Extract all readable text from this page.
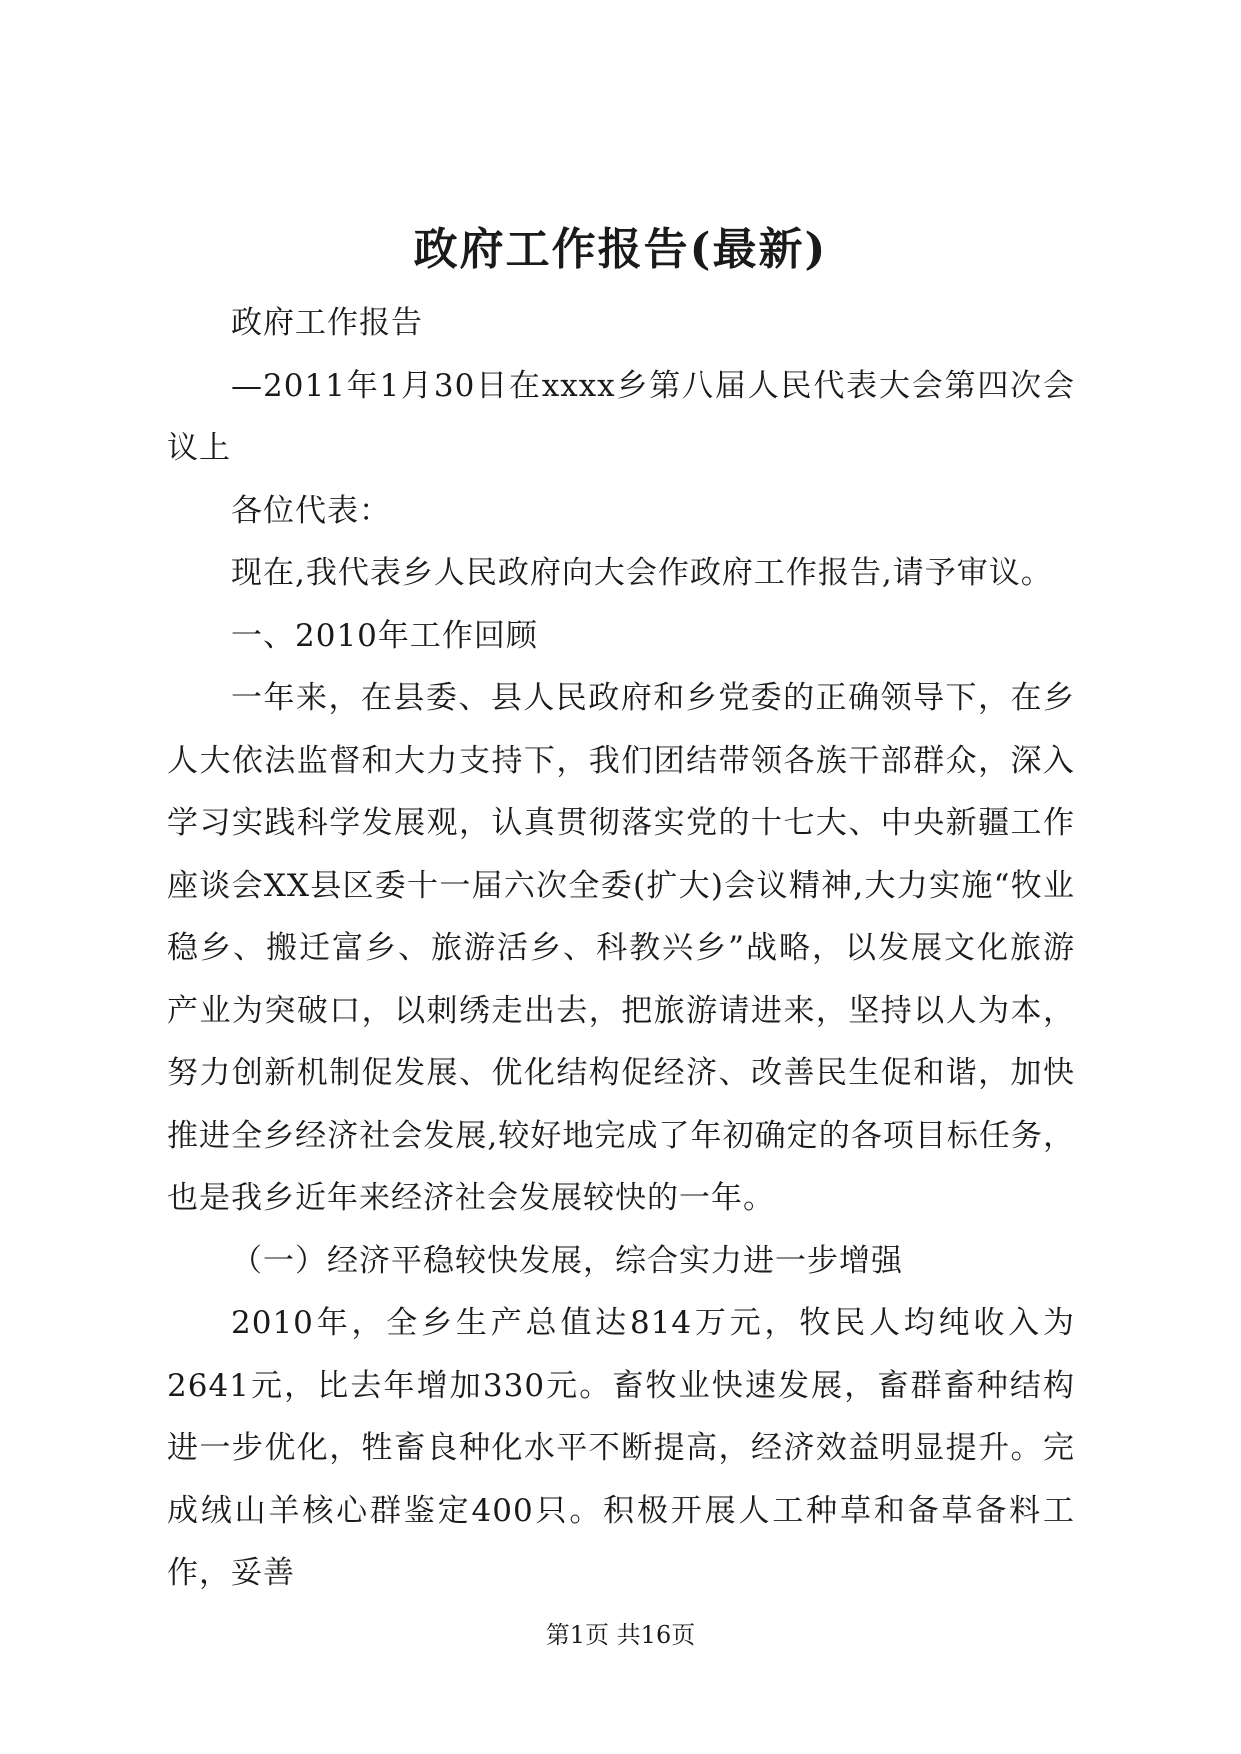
政府工作报告(最新)

政府工作报告

—2011年1月30日在xxxx乡第八届人民代表大会第四次会议上

各位代表：

现在,我代表乡人民政府向大会作政府工作报告,请予审议。

一、2010年工作回顾

一年来，在县委、县人民政府和乡党委的正确领导下，在乡人大依法监督和大力支持下，我们团结带领各族干部群众，深入学习实践科学发展观，认真贯彻落实党的十七大、中央新疆工作座谈会XX县区委十一届六次全委(扩大)会议精神,大力实施“牧业稳乡、搬迁富乡、旅游活乡、科教兴乡”战略，以发展文化旅游产业为突破口，以刺绣走出去，把旅游请进来，坚持以人为本，努力创新机制促发展、优化结构促经济、改善民生促和谐，加快推进全乡经济社会发展,较好地完成了年初确定的各项目标任务，也是我乡近年来经济社会发展较快的一年。

（一）经济平稳较快发展，综合实力进一步增强

2010年，全乡生产总值达814万元，牧民人均纯收入为2641元，比去年增加330元。畜牧业快速发展，畜群畜种结构进一步优化，牲畜良种化水平不断提高，经济效益明显提升。完成绒山羊核心群鉴定400只。积极开展人工种草和备草备料工作，妥善

第1页 共16页
